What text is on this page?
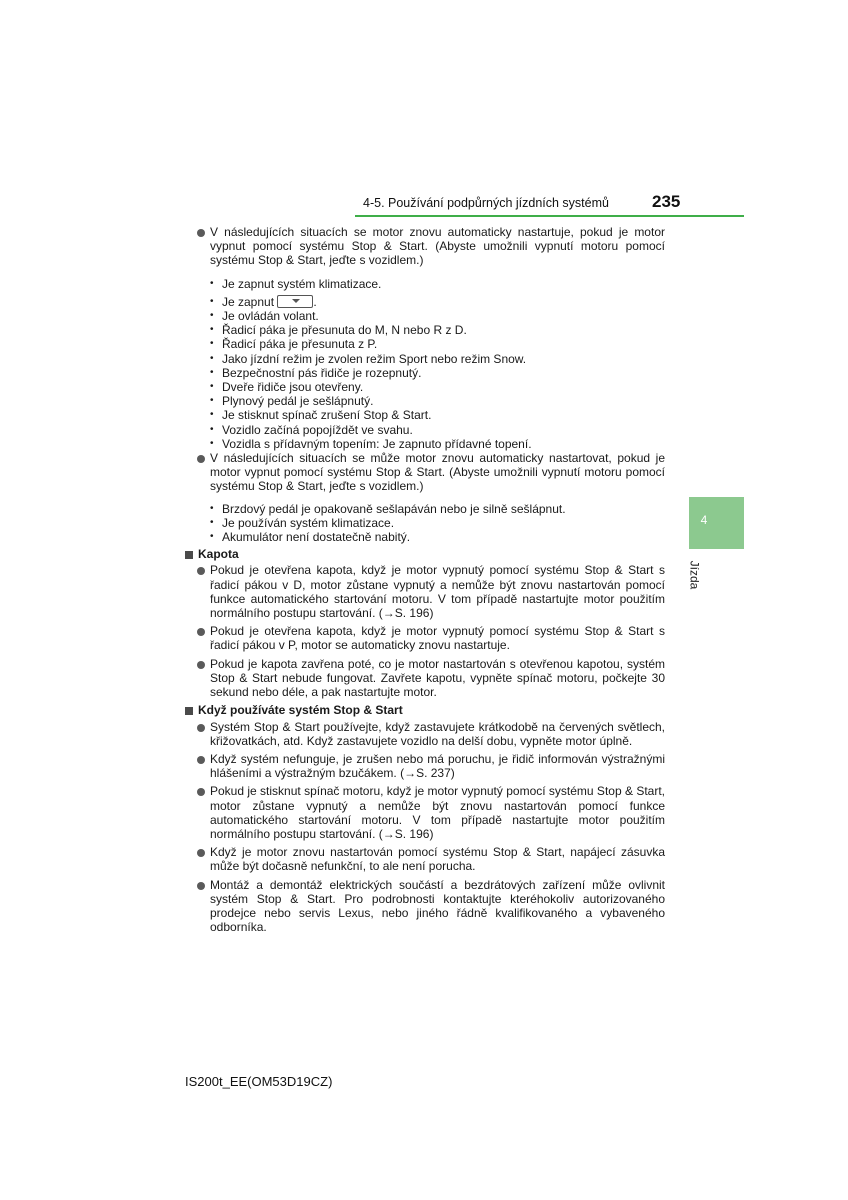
4-5. Používání podpůrných jízdních systémů	235
4
Jízda
V následujících situacích se motor znovu automaticky nastartuje, pokud je motor vypnut pomocí systému Stop & Start. (Abyste umožnili vypnutí motoru pomocí systému Stop & Start, jeďte s vozidlem.)
• Je zapnut systém klimatizace.
• Je zapnut	.
• Je ovládán volant.
• Řadicí páka je přesunuta do M, N nebo R z D.
• Řadicí páka je přesunuta z P.
• Jako jízdní režim je zvolen režim Sport nebo režim Snow.
• Bezpečnostní pás řidiče je rozepnutý.
• Dveře řidiče jsou otevřeny.
• Plynový pedál je sešlápnutý.
• Je stisknut spínač zrušení Stop & Start.
• Vozidlo začíná popojíždět ve svahu.
• Vozidla s přídavným topením: Je zapnuto přídavné topení.
V následujících situacích se může motor znovu automaticky nastartovat, pokud je motor vypnut pomocí systému Stop & Start. (Abyste umožnili vypnutí motoru pomocí systému Stop & Start, jeďte s vozidlem.)
• Brzdový pedál je opakovaně sešlapáván nebo je silně sešlápnut.
• Je používán systém klimatizace.
• Akumulátor není dostatečně nabitý.
Kapota
Pokud je otevřena kapota, když je motor vypnutý pomocí systému Stop & Start s řadicí pákou v D, motor zůstane vypnutý a nemůže být znovu nastartován pomocí funkce automatického startování motoru. V tom případě nastartujte motor použitím normálního postupu startování. (→S. 196)
Pokud je otevřena kapota, když je motor vypnutý pomocí systému Stop & Start s řadicí pákou v P, motor se automaticky znovu nastartuje.
Pokud je kapota zavřena poté, co je motor nastartován s otevřenou kapotou, systém Stop & Start nebude fungovat. Zavřete kapotu, vypněte spínač motoru, počkejte 30 sekund nebo déle, a pak nastartujte motor.
Když používáte systém Stop & Start
Systém Stop & Start používejte, když zastavujete krátkodobě na červených světlech, křižovatkách, atd. Když zastavujete vozidlo na delší dobu, vypněte motor úplně.
Když systém nefunguje, je zrušen nebo má poruchu, je řidič informován výstražnými hlášeními a výstražným bzučákem. (→S. 237)
Pokud je stisknut spínač motoru, když je motor vypnutý pomocí systému Stop & Start, motor zůstane vypnutý a nemůže být znovu nastartován pomocí funkce automatického startování motoru. V tom případě nastartujte motor použitím normálního postupu startování. (→S. 196)
Když je motor znovu nastartován pomocí systému Stop & Start, napájecí zásuvka může být dočasně nefunkční, to ale není porucha.
Montáž a demontáž elektrických součástí a bezdrátových zařízení může ovlivnit systém Stop & Start. Pro podrobnosti kontaktujte kteréhokoliv autorizovaného prodejce nebo servis Lexus, nebo jiného řádně kvalifikovaného a vybaveného odborníka.
IS200t_EE(OM53D19CZ)
